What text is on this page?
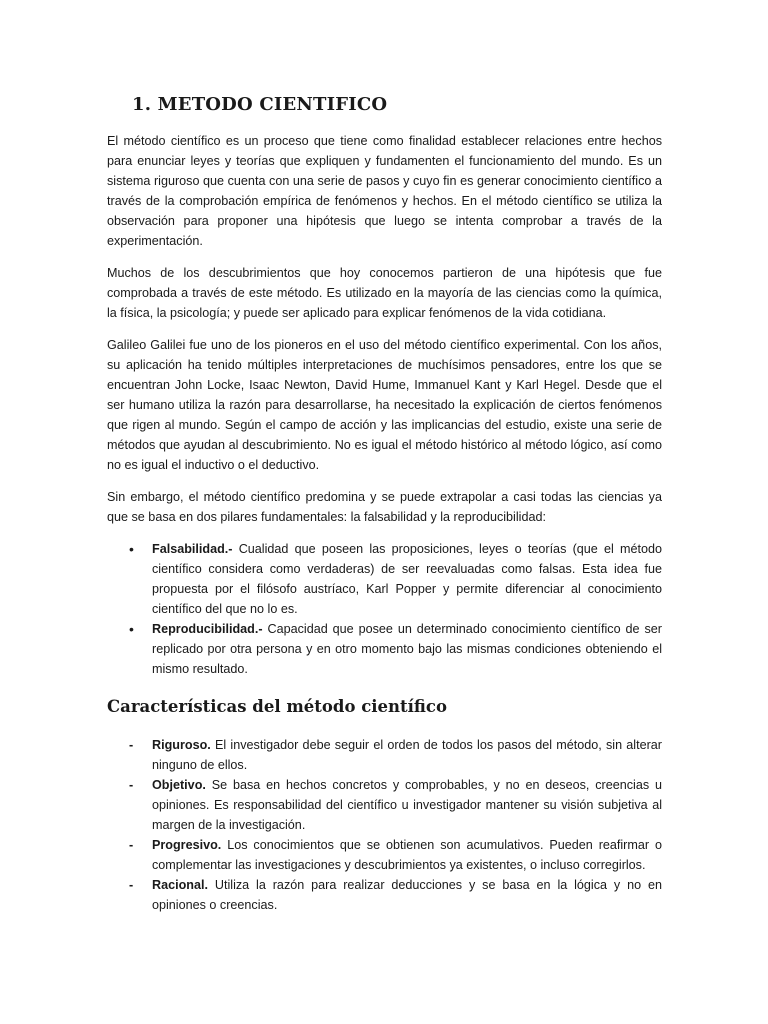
1. METODO CIENTIFICO

El método científico es un proceso que tiene como finalidad establecer relaciones entre hechos para enunciar leyes y teorías que expliquen y fundamenten el funcionamiento del mundo. Es un sistema riguroso que cuenta con una serie de pasos y cuyo fin es generar conocimiento científico a través de la comprobación empírica de fenómenos y hechos. En el método científico se utiliza la observación para proponer una hipótesis que luego se intenta comprobar a través de la experimentación.

Muchos de los descubrimientos que hoy conocemos partieron de una hipótesis que fue comprobada a través de este método. Es utilizado en la mayoría de las ciencias como la química, la física, la psicología; y puede ser aplicado para explicar fenómenos de la vida cotidiana.

Galileo Galilei fue uno de los pioneros en el uso del método científico experimental. Con los años, su aplicación ha tenido múltiples interpretaciones de muchísimos pensadores, entre los que se encuentran John Locke, Isaac Newton, David Hume, Immanuel Kant y Karl Hegel. Desde que el ser humano utiliza la razón para desarrollarse, ha necesitado la explicación de ciertos fenómenos que rigen al mundo. Según el campo de acción y las implicancias del estudio, existe una serie de métodos que ayudan al descubrimiento. No es igual el método histórico al método lógico, así como no es igual el inductivo o el deductivo.

Sin embargo, el método científico predomina y se puede extrapolar a casi todas las ciencias ya que se basa en dos pilares fundamentales: la falsabilidad y la reproducibilidad:

• Falsabilidad.- Cualidad que poseen las proposiciones, leyes o teorías (que el método científico considera como verdaderas) de ser reevaluadas como falsas. Esta idea fue propuesta por el filósofo austríaco, Karl Popper y permite diferenciar al conocimiento científico del que no lo es.
• Reproducibilidad.- Capacidad que posee un determinado conocimiento científico de ser replicado por otra persona y en otro momento bajo las mismas condiciones obteniendo el mismo resultado.
Características del método científico
- Riguroso. El investigador debe seguir el orden de todos los pasos del método, sin alterar ninguno de ellos.
- Objetivo. Se basa en hechos concretos y comprobables, y no en deseos, creencias u opiniones. Es responsabilidad del científico u investigador mantener su visión subjetiva al margen de la investigación.
- Progresivo. Los conocimientos que se obtienen son acumulativos. Pueden reafirmar o complementar las investigaciones y descubrimientos ya existentes, o incluso corregirlos.
- Racional. Utiliza la razón para realizar deducciones y se basa en la lógica y no en opiniones o creencias.
